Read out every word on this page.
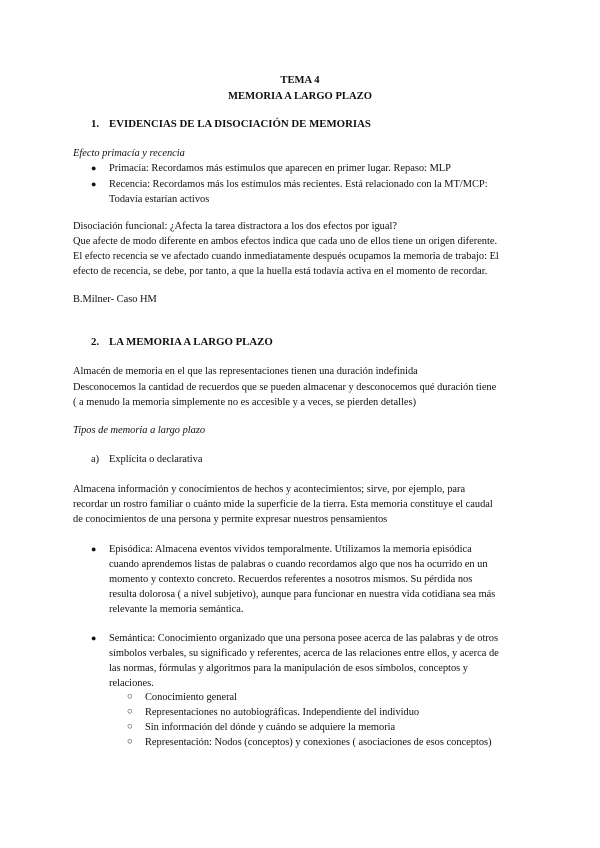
TEMA 4
MEMORIA A LARGO PLAZO
1. EVIDENCIAS DE LA DISOCIACIÓN DE MEMORIAS
Efecto primacía y recencia
● Primacía: Recordamos más estímulos que aparecen en primer lugar. Repaso: MLP
● Recencia: Recordamos más los estímulos más recientes. Está relacionado con la MT/MCP:
Todavía estarían activos
Disociación funcional: ¿Afecta la tarea distractora a los dos efectos por igual?
Que afecte de modo diferente en ambos efectos indica que cada uno de ellos tiene un origen diferente.
El efecto recencia se ve afectado cuando inmediatamente después ocupamos la memoria de trabajo: El
efecto de recencia, se debe, por tanto, a que la huella está todavía activa en el momento de recordar.
B.Milner- Caso HM
2. LA MEMORIA A LARGO PLAZO
Almacén de memoria en el que las representaciones tienen una duración indefinida
Desconocemos la cantidad de recuerdos que se pueden almacenar y desconocemos qué duración tiene
( a menudo la memoria simplemente no es accesible y a veces, se pierden detalles)
Tipos de memoria a largo plazo
a) Explícita o declarativa
Almacena información y conocimientos de hechos y acontecimientos; sirve, por ejemplo, para
recordar un rostro familiar o cuánto mide la superficie de la tierra. Esta memoria constituye el caudal
de conocimientos de una persona y permite expresar nuestros pensamientos
● Episódica: Almacena eventos vividos temporalmente. Utilizamos la memoria episódica
cuando aprendemos listas de palabras o cuando recordamos algo que nos ha ocurrido en un
momento y contexto concreto. Recuerdos referentes a nosotros mismos. Su pérdida nos
resulta dolorosa ( a nivel subjetivo), aunque para funcionar en nuestra vida cotidiana sea más
relevante la memoria semántica.
● Semántica: Conocimiento organizado que una persona posee acerca de las palabras y de otros
símbolos verbales, su significado y referentes, acerca de las relaciones entre ellos, y acerca de
las normas, fórmulas y algoritmos para la manipulación de esos símbolos, conceptos y
relaciones.
○ Conocimiento general
○ Representaciones no autobiográficas. Independiente del individuo
○ Sin información del dónde y cuándo se adquiere la memoria
○ Representación: Nodos (conceptos) y conexiones ( asociaciones de esos conceptos)
